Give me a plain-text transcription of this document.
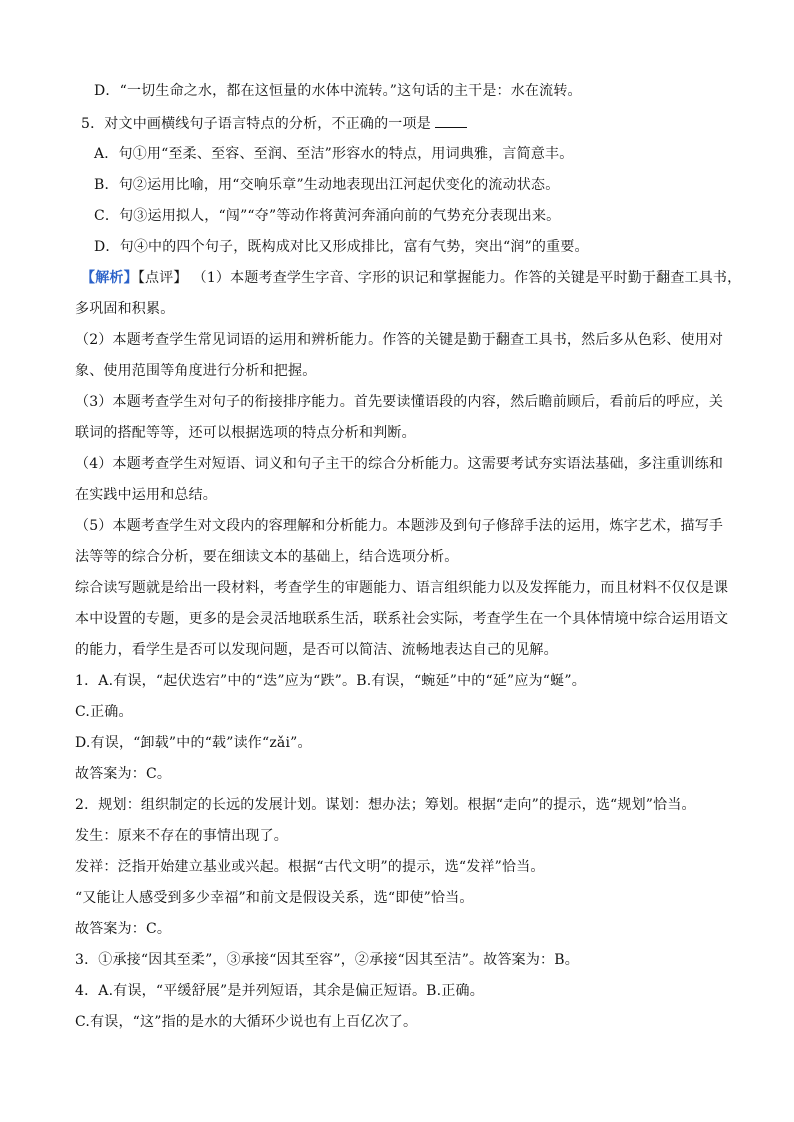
D．“一切生命之水，都在这恒量的水体中流转。”这句话的主干是：水在流转。
5．对文中画横线句子语言特点的分析，不正确的一项是
A．句①用“至柔、至容、至润、至洁”形容水的特点，用词典雅，言简意丰。
B．句②运用比喻，用“交响乐章”生动地表现出江河起伏变化的流动状态。
C．句③运用拟人，“闯”“夺”等动作将黄河奔涌向前的气势充分表现出来。
D．句④中的四个句子，既构成对比又形成排比，富有气势，突出“润”的重要。
【解析】【点评】 （1）本题考查学生字音、字形的识记和掌握能力。作答的关键是平时勤于翻查工具书，
多巩固和积累。
（2）本题考查学生常见词语的运用和辨析能力。作答的关键是勤于翻查工具书，然后多从色彩、使用对
象、使用范围等角度进行分析和把握。
（3）本题考查学生对句子的衔接排序能力。首先要读懂语段的内容，然后瞻前顾后，看前后的呼应，关
联词的搭配等等，还可以根据选项的特点分析和判断。
（4）本题考查学生对短语、词义和句子主干的综合分析能力。这需要考试夯实语法基础，多注重训练和
在实践中运用和总结。
（5）本题考查学生对文段内的容理解和分析能力。本题涉及到句子修辞手法的运用，炼字艺术，描写手
法等等的综合分析，要在细读文本的基础上，结合选项分析。
综合读写题就是给出一段材料，考查学生的审题能力、语言组织能力以及发挥能力，而且材料不仅仅是课
本中设置的专题，更多的是会灵活地联系生活，联系社会实际，考查学生在一个具体情境中综合运用语文
的能力，看学生是否可以发现问题，是否可以简洁、流畅地表达自己的见解。
1．A.有误，“起伏迭宕”中的“迭”应为“跌”。B.有误，“蜿延”中的“延”应为“蜒”。
C.正确。
D.有误，“卸载”中的“载”读作“zǎi”。
故答案为：C。
2．规划：组织制定的长远的发展计划。谋划：想办法；筹划。根据“走向”的提示，选“规划”恰当。
发生：原来不存在的事情出现了。
发祥：泛指开始建立基业或兴起。根据“古代文明”的提示，选“发祥”恰当。
“又能让人感受到多少幸福”和前文是假设关系，选“即使”恰当。
故答案为：C。
3．①承接“因其至柔”，③承接“因其至容”，②承接“因其至洁”。故答案为：B。
4．A.有误，“平缓舒展”是并列短语，其余是偏正短语。B.正确。
C.有误，“这”指的是水的大循环少说也有上百亿次了。
